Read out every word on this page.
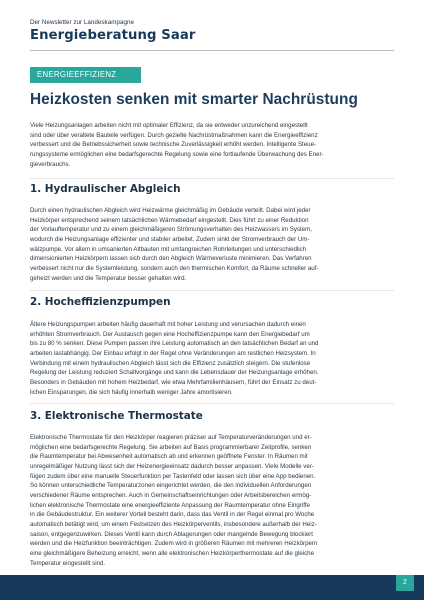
Der Newsletter zur Landeskampagne
Energieberatung Saar
ENERGIEEFFIZIENZ
Heizkosten senken mit smarter Nachrüstung
Viele Heizungsanlagen arbeiten nicht mit optimaler Effizienz, da sie entweder unzureichend eingestellt
sind oder über veraltete Bauteile verfügen. Durch gezielte Nachrüstmaßnahmen kann die Energieeffizienz
verbessert und die Betriebssicherheit sowie technische Zuverlässigkeit erhöht werden. Intelligente Steue-
rungssysteme ermöglichen eine bedarfsgerechte Regelung sowie eine fortlaufende Überwachung des Ener-
gieverbrauchs.
1. Hydraulischer Abgleich
Durch einen hydraulischen Abgleich wird Heizwärme gleichmäßig im Gebäude verteilt. Dabei wird jeder
Heizkörper entsprechend seinem tatsächlichen Wärmebedarf eingestellt. Dies führt zu einer Reduktion
der Vorlauftemperatur und zu einem gleichmäßigeren Strömungsverhalten des Heizwassers im System,
wodurch die Heizungsanlage effizienter und stabiler arbeitet. Zudem sinkt der Stromverbrauch der Um-
wälzpumpe. Vor allem in umsanierten Altbauten mit umfangreichen Rohrleitungen und unterschiedlich
dimensionierten Heizkörpern lassen sich durch den Abgleich Wärmeverluste minimieren. Das Verfahren
verbessert nicht nur die Systemleistung, sondern auch den thermischen Komfort, da Räume schneller auf-
geheizt werden und die Temperatur besser gehalten wird.
2. Hocheffizienzpumpen
Ältere Heizungspumpen arbeiten häufig dauerhaft mit hoher Leistung und verursachen dadurch einen
erhöhten Stromverbrauch. Der Austausch gegen eine Hocheffizienzpumpe kann den Energiebedarf um
bis zu 80 % senken. Diese Pumpen passen ihre Leistung automatisch an den tatsächlichen Bedarf an und
arbeiten lastabhängig. Der Einbau erfolgt in der Regel ohne Veränderungen am restlichen Heizsystem. In
Verbindung mit einem hydraulischen Abgleich lässt sich die Effizienz zusätzlich steigern. Die stufenlose
Regelung der Leistung reduziert Schaltvorgänge und kann die Lebensdauer der Heizungsanlage erhöhen.
Besonders in Gebäuden mit hohem Heizbedarf, wie etwa Mehrfamilienhäusern, führt der Einsatz zu deut-
lichen Einsparungen, die sich häufig innerhalb weniger Jahre amortisieren.
3. Elektronische Thermostate
Elektronische Thermostate für den Heizkörper reagieren präziser auf Temperaturveränderungen und er-
möglichen eine bedarfsgerechte Regelung. Sie arbeiten auf Basis programmierbarer Zeitprofile, senken
die Raumtemperatur bei Abwesenheit automatisch ab und erkennen geöffnete Fenster. In Räumen mit
unregelmäßiger Nutzung lässt sich der Heizenergieeinsatz dadurch besser anpassen. Viele Modelle ver-
fügen zudem über eine manuelle Steuerfunktion per Tastenfeld oder lassen sich über eine App bedienen.
So können unterschiedliche Temperaturzonen eingerichtet werden, die den individuellen Anforderungen
verschiedener Räume entsprechen. Auch in Gemeinschaftseinrichtungen oder Arbeitsbereichen ermög-
lichen elektronische Thermostate eine energieeffiziente Anpassung der Raumtemperatur ohne Eingriffe
in die Gebäudestruktur. Ein weiterer Vorteil besteht darin, dass das Ventil in der Regel einmal pro Woche
automatisch betätigt wird, um einem Festsetzen des Heizkörperventils, insbesondere außerhalb der Heiz-
saison, entgegenzuwirken. Dieses Ventil kann durch Ablagerungen oder mangelnde Bewegung blockiert
werden und die Heizfunktion beeinträchtigen. Zudem wird in größeren Räumen mit mehreren Heizkörpern
eine gleichmäßigere Beheizung erreicht, wenn alle elektronischen Heizkörperthermostate auf die gleiche
Temperatur eingestellt sind.
2
